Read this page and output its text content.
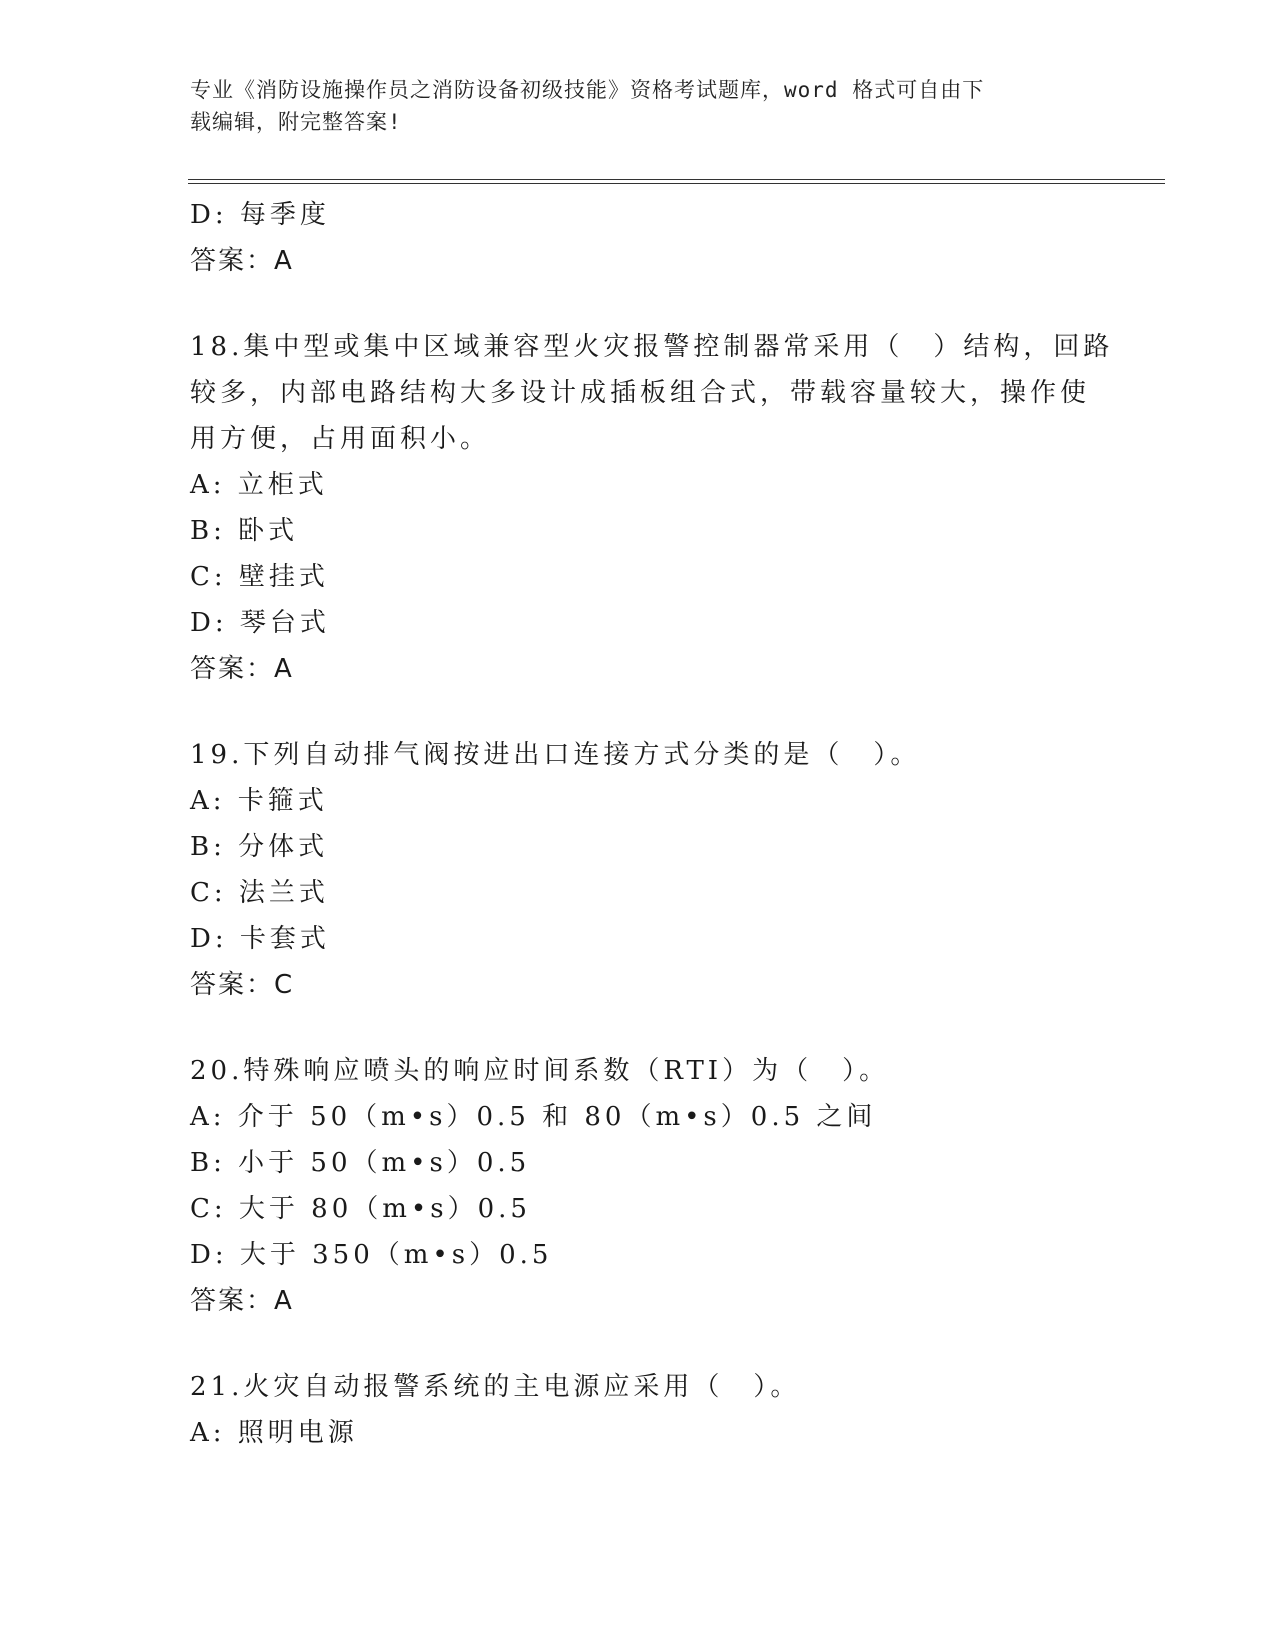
专业《消防设施操作员之消防设备初级技能》资格考试题库，word 格式可自由下
载编辑，附完整答案!
D: 每季度
答案：A
18.集中型或集中区域兼容型火灾报警控制器常采用（　）结构，回路
较多，内部电路结构大多设计成插板组合式，带载容量较大，操作使
用方便，占用面积小。
A: 立柜式
B: 卧式
C: 壁挂式
D: 琴台式
答案：A
19.下列自动排气阀按进出口连接方式分类的是（　）。
A: 卡箍式
B: 分体式
C: 法兰式
D: 卡套式
答案：C
20.特殊响应喷头的响应时间系数（RTI）为（　）。
A: 介于 50（m•s）0.5 和 80（m•s）0.5 之间
B: 小于 50（m•s）0.5
C: 大于 80（m•s）0.5
D: 大于 350（m•s）0.5
答案：A
21.火灾自动报警系统的主电源应采用（　）。
A: 照明电源
